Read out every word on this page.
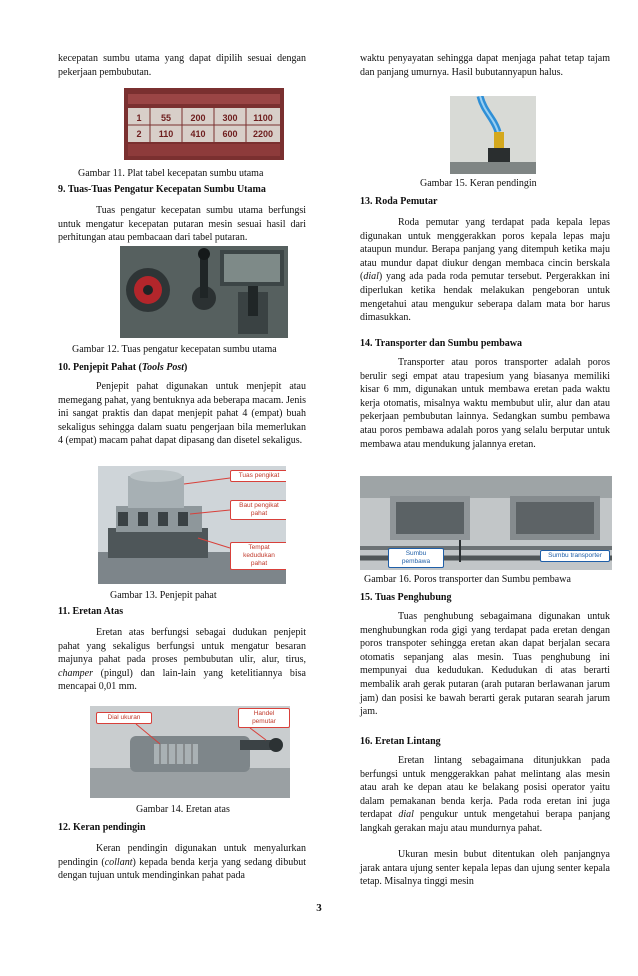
kecepatan sumbu utama yang dapat dipilih sesuai dengan pekerjaan pembubutan.

1	55	200	300	1100
2	110	410	600	2200
Gambar 11. Plat tabel kecepatan sumbu utama

9. Tuas-Tuas Pengatur Kecepatan Sumbu Utama

Tuas pengatur kecepatan sumbu utama berfungsi untuk mengatur kecepatan putaran mesin sesuai hasil dari perhitungan atau pembacaan dari tabel putaran.

Gambar 12. Tuas pengatur kecepatan sumbu utama

10. Penjepit Pahat (Tools Post)

Penjepit pahat digunakan untuk menjepit atau memegang pahat, yang bentuknya ada beberapa macam. Jenis ini sangat praktis dan dapat menjepit pahat 4 (empat) buah sekaligus sehingga dalam suatu pengerjaan bila memerlukan 4 (empat) macam pahat dapat dipasang dan disetel sekaligus.

Tuas pengikat
Baut pengikat pahat
Tempat kedudukan pahat
Gambar 13. Penjepit pahat

11. Eretan Atas

Eretan atas berfungsi sebagai dudukan penjepit pahat yang sekaligus berfungsi untuk mengatur besaran majunya pahat pada proses pembubutan ulir, alur, tirus, champer (pingul) dan lain-lain yang ketelitiannya bisa mencapai 0,01 mm.

Dial ukuran
Handel pemutar
Gambar 14. Eretan atas

12. Keran pendingin

Keran pendingin digunakan untuk menyalurkan pendingin (collant) kepada benda kerja yang sedang dibubut dengan tujuan untuk mendinginkan pahat pada

waktu penyayatan sehingga dapat menjaga pahat tetap tajam dan panjang umurnya. Hasil bubutannyapun halus.

Gambar 15. Keran pendingin

13. Roda Pemutar

Roda pemutar yang terdapat pada kepala lepas digunakan untuk menggerakkan poros kepala lepas maju ataupun mundur. Berapa panjang yang ditempuh ketika maju atau mundur dapat diukur dengan membaca cincin berskala (dial) yang ada pada roda pemutar tersebut. Pergerakkan ini diperlukan ketika hendak melakukan pengeboran untuk mengetahui atau mengukur seberapa dalam mata bor harus dimasukkan.

14. Transporter dan Sumbu pembawa

Transporter atau poros transporter adalah poros berulir segi empat atau trapesium yang biasanya memiliki kisar 6 mm, digunakan untuk membawa eretan pada waktu kerja otomatis, misalnya waktu membubut ulir, alur dan atau pekerjaan pembubutan lainnya. Sedangkan sumbu pembawa atau poros pembawa adalah poros yang selalu berputar untuk membawa atau mendukung jalannya eretan.

Sumbu pembawa
Sumbu transporter
Gambar 16. Poros transporter dan Sumbu pembawa

15. Tuas Penghubung

Tuas penghubung sebagaimana digunakan untuk menghubungkan roda gigi yang terdapat pada eretan dengan poros transpoter sehingga eretan akan dapat berjalan secara otomatis sepanjang alas mesin. Tuas penghubung ini mempunyai dua kedudukan. Kedudukan di atas berarti membalik arah gerak putaran (arah putaran berlawanan jarum jam) dan posisi ke bawah berarti gerak putaran searah jarum jam.

16. Eretan Lintang

Eretan lintang sebagaimana ditunjukkan pada berfungsi untuk menggerakkan pahat melintang alas mesin atau arah ke depan atau ke belakang posisi operator yaitu dalam pemakanan benda kerja. Pada roda eretan ini juga terdapat dial pengukur untuk mengetahui berapa panjang langkah gerakan maju atau mundurnya pahat.

Ukuran mesin bubut ditentukan oleh panjangnya jarak antara ujung senter kepala lepas dan ujung senter kepala tetap. Misalnya tinggi mesin

3
